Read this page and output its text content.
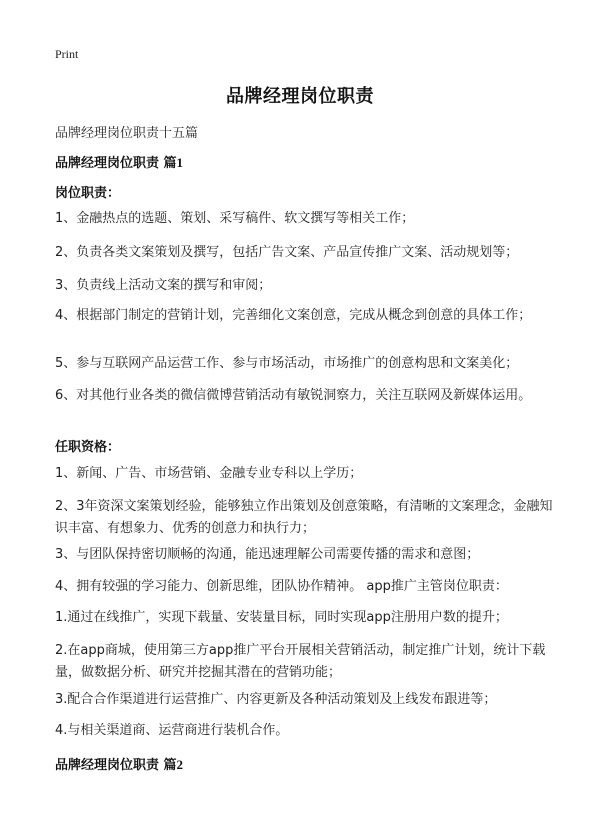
Print
品牌经理岗位职责
品牌经理岗位职责十五篇
品牌经理岗位职责 篇1
岗位职责：
1、金融热点的选题、策划、采写稿件、软文撰写等相关工作；
2、负责各类文案策划及撰写，包括广告文案、产品宣传推广文案、活动规划等；
3、负责线上活动文案的撰写和审阅；
4、根据部门制定的营销计划，完善细化文案创意，完成从概念到创意的具体工作；
5、参与互联网产品运营工作、参与市场活动，市场推广的创意构思和文案美化；
6、对其他行业各类的微信微博营销活动有敏锐洞察力，关注互联网及新媒体运用。
任职资格：
1、新闻、广告、市场营销、金融专业专科以上学历；
2、3年资深文案策划经验，能够独立作出策划及创意策略，有清晰的文案理念，金融知识丰富、有想象力、优秀的创意力和执行力；
3、与团队保持密切顺畅的沟通，能迅速理解公司需要传播的需求和意图；
4、拥有较强的学习能力、创新思维，团队协作精神。 app推广主管岗位职责：
1.通过在线推广，实现下载量、安装量目标，同时实现app注册用户数的提升；
2.在app商城，使用第三方app推广平台开展相关营销活动，制定推广计划，统计下载量，做数据分析、研究并挖掘其潜在的营销功能；
3.配合合作渠道进行运营推广、内容更新及各种活动策划及上线发布跟进等；
4.与相关渠道商、运营商进行装机合作。
品牌经理岗位职责 篇2
